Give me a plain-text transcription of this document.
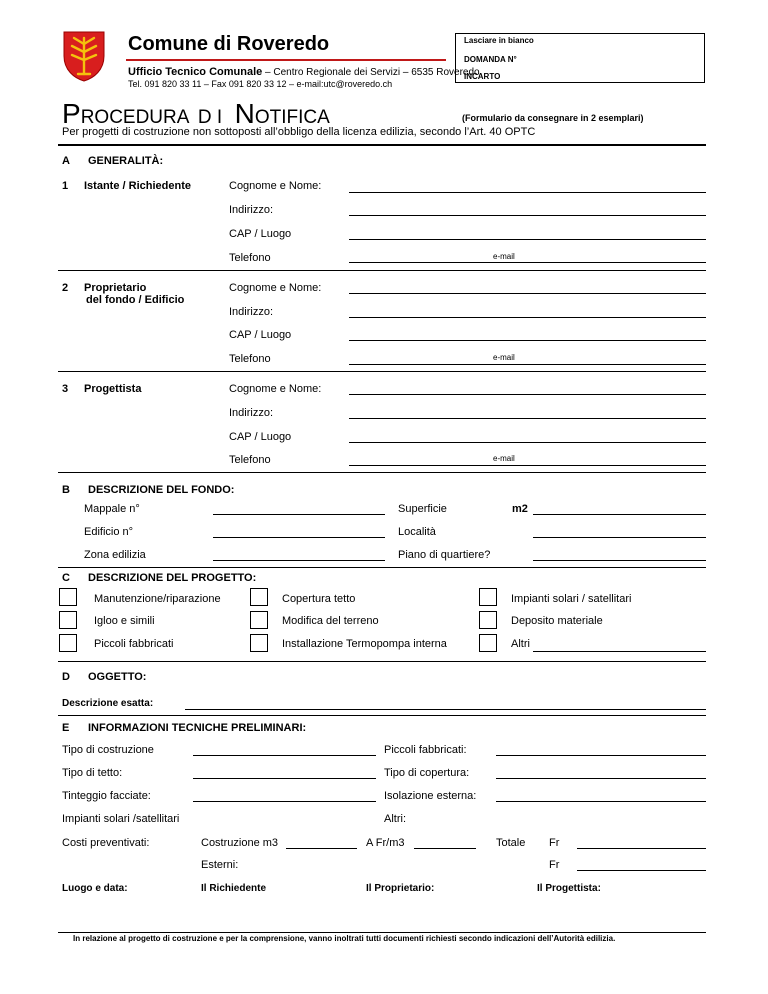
Comune di Roveredo
Ufficio Tecnico Comunale – Centro Regionale dei Servizi – 6535 Roveredo
Tel. 091 820 33 11 – Fax 091 820 33 12 – e-mail:utc@roveredo.ch
Lasciare in bianco
DOMANDA N°
INCARTO
PROCEDURA D I NOTIFICA	(Formulario da consegnare in 2 esemplari)
Per progetti di costruzione non sottoposti all’obbligo della licenza edilizia, secondo l’Art. 40 OPTC
A GENERALITÀ:
1 Istante / Richiedente	Cognome e Nome:
Indirizzo:
CAP / Luogo
Telefono	e-mail
2 Proprietario
del fondo / Edificio
Cognome e Nome:
Indirizzo:
CAP / Luogo
Telefono	e-mail
3 Progettista	Cognome e Nome:
Indirizzo:
CAP / Luogo
Telefono	e-mail
B DESCRIZIONE DEL FONDO:
Mappale n°	Superficie	m2
Edificio n°	Località
Zona edilizia	Piano di quartiere?
C DESCRIZIONE DEL PROGETTO:
Manutenzione/riparazione	Copertura tetto	Impianti solari / satellitari
Igloo e simili	Modifica del terreno	Deposito materiale
Piccoli fabbricati	Installazione Termopompa interna	Altri
D OGGETTO:
Descrizione esatta:
E INFORMAZIONI TECNICHE PRELIMINARI:
Tipo di costruzione	Piccoli fabbricati:
Tipo di tetto:	Tipo di copertura:
Tinteggio facciate:	Isolazione esterna:
Impianti solari /satellitari	Altri:
Costi preventivati:	Costruzione m3	A Fr/m3	Totale Fr
Esterni:	Fr
Luogo e data:	Il Richiedente	Il Proprietario:	Il Progettista:
In relazione al progetto di costruzione e per la comprensione, vanno inoltrati tutti documenti richiesti secondo indicazioni dell’Autorità edilizia.
